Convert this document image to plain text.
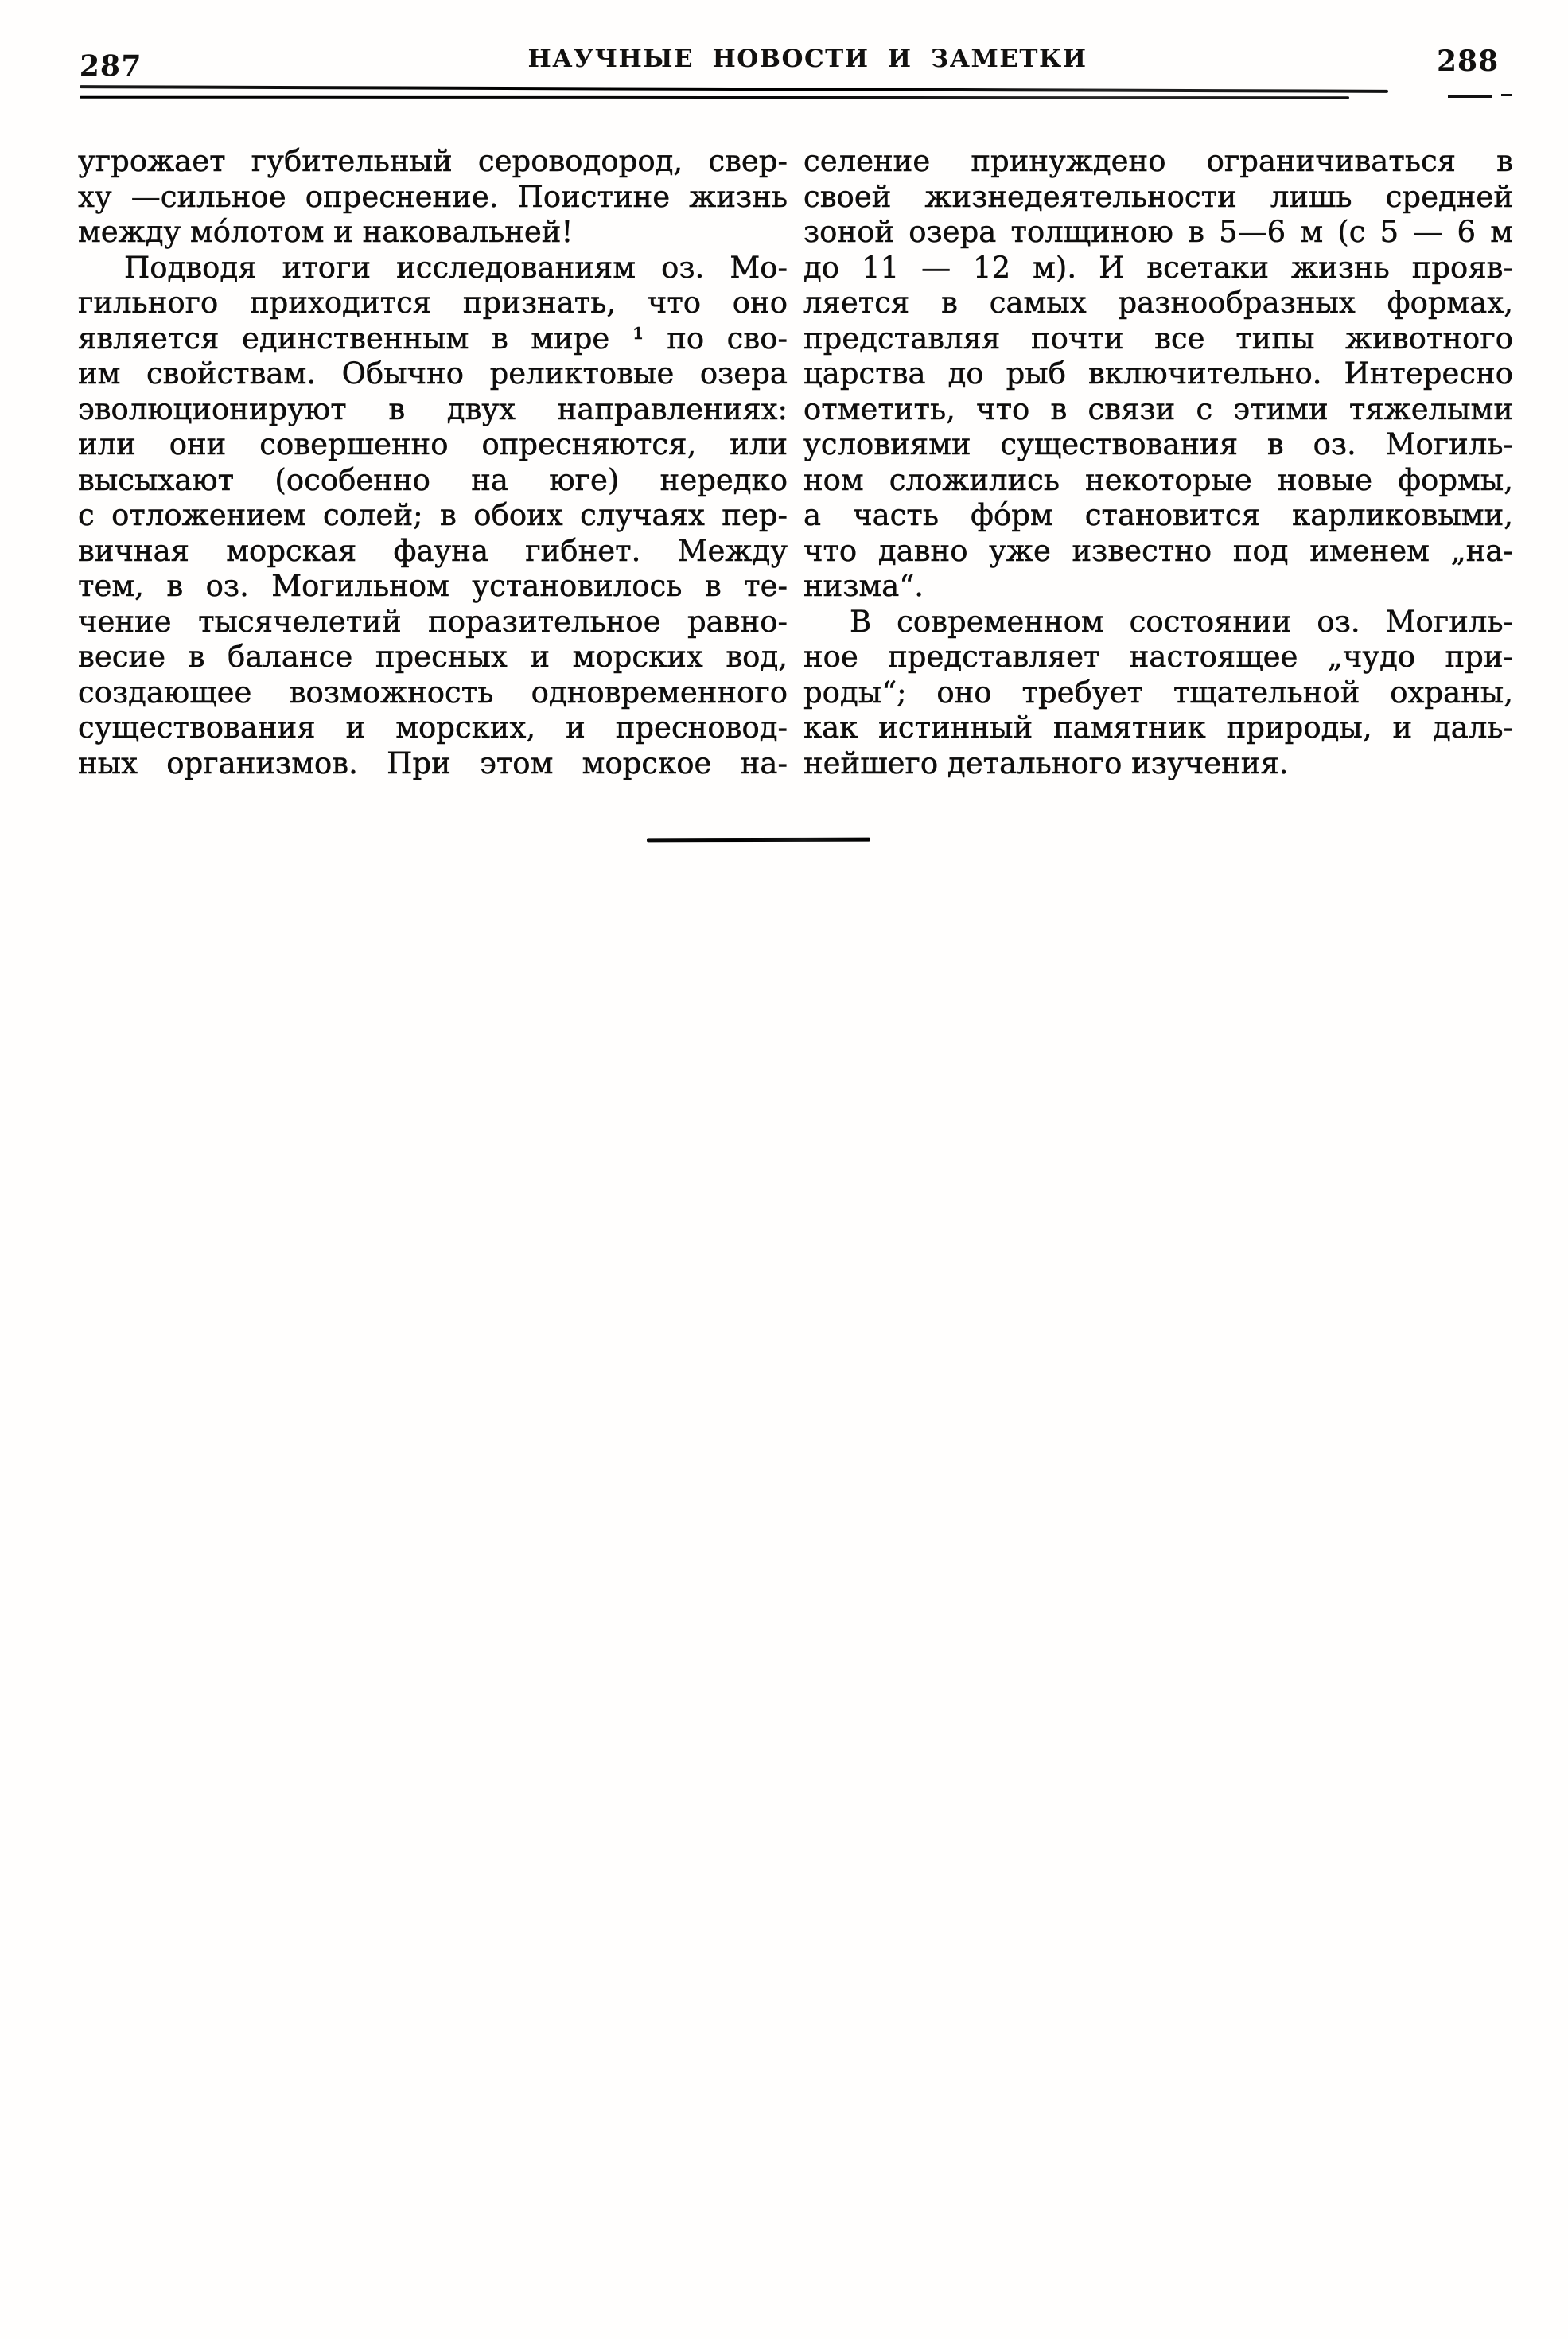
287	НАУЧНЫЕ НОВОСТИ И ЗАМЕТКИ	288
угрожает губительный сероводород, свер-
ху —сильное опреснение. Поистине жизнь
между мо́лотом и наковальней!
Подводя итоги исследованиям оз. Мо-
гильного приходится признать, что оно
является единственным в мире ¹ по сво-
им свойствам. Обычно реликтовые озера
эволюционируют в двух направлениях:
или они совершенно опресняются, или
высыхают (особенно на юге) нередко
с отложением солей; в обоих случаях пер-
вичная морская фауна гибнет. Между
тем, в оз. Могильном установилось в те-
чение тысячелетий поразительное равно-
весие в балансе пресных и морских вод,
создающее возможность одновременного
существования и морских, и пресновод-
ных организмов. При этом морское на-
селение принуждено ограничиваться в
своей жизнедеятельности лишь средней
зоной озера толщиною в 5—6 м (с 5 — 6 м
до 11 — 12 м). И всетаки жизнь прояв-
ляется в самых разнообразных формах,
представляя почти все типы животного
царства до рыб включительно. Интересно
отметить, что в связи с этими тяжелыми
условиями существования в оз. Могиль-
ном сложились некоторые новые формы,
а часть фо́рм становится карликовыми,
что давно уже известно под именем „на-
низма“.
В современном состоянии оз. Могиль-
ное представляет настоящее „чудо при-
роды“; оно требует тщательной охраны,
как истинный памятник природы, и даль-
нейшего детального изучения.
